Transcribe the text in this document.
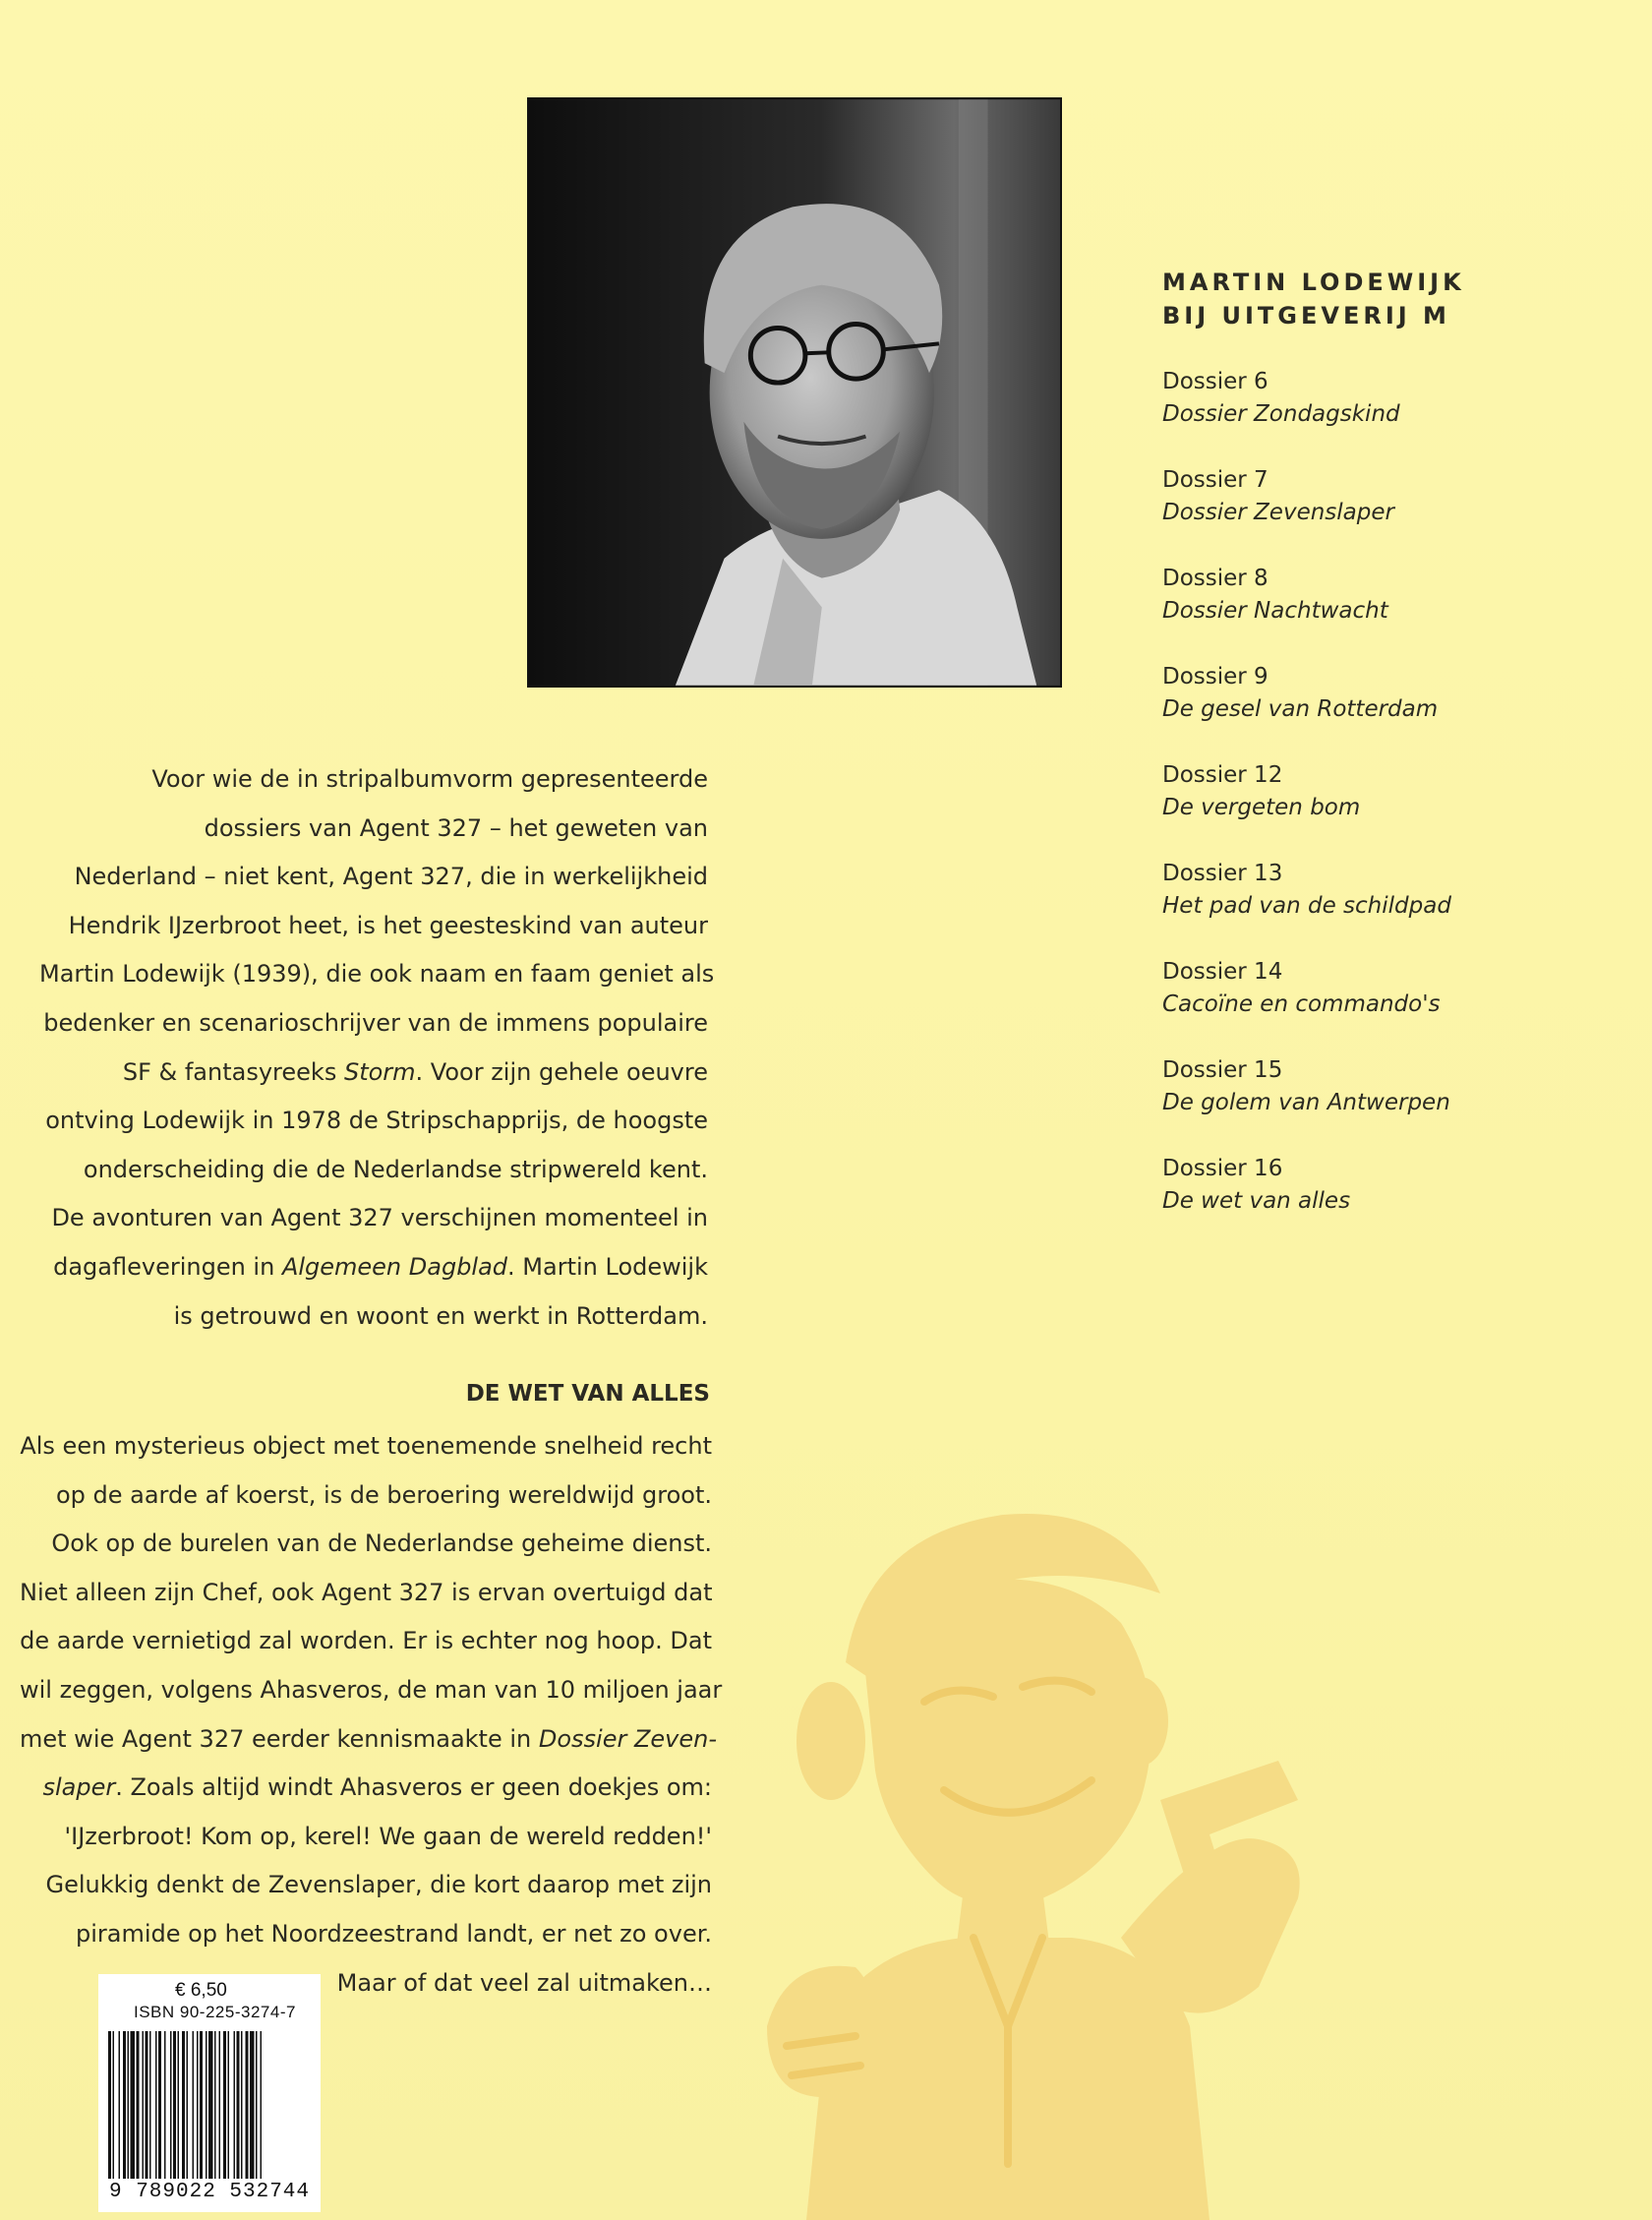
MARTIN LODEWIJK
BIJ UITGEVERIJ M
Dossier 6
Dossier Zondagskind
Dossier 7
Dossier Zevenslaper
Dossier 8
Dossier Nachtwacht
Dossier 9
De gesel van Rotterdam
Dossier 12
De vergeten bom
Dossier 13
Het pad van de schildpad
Dossier 14
Cacoïne en commando's
Dossier 15
De golem van Antwerpen
Dossier 16
De wet van alles
Voor wie de in stripalbumvorm gepresenteerde
dossiers van Agent 327 – het geweten van
Nederland – niet kent, Agent 327, die in werkelijkheid
Hendrik IJzerbroot heet, is het geesteskind van auteur
Martin Lodewijk (1939), die ook naam en faam geniet als
bedenker en scenarioschrijver van de immens populaire
SF & fantasyreeks Storm. Voor zijn gehele oeuvre
ontving Lodewijk in 1978 de Stripschapprijs, de hoogste
onderscheiding die de Nederlandse stripwereld kent.
De avonturen van Agent 327 verschijnen momenteel in
dagafleveringen in Algemeen Dagblad. Martin Lodewijk
is getrouwd en woont en werkt in Rotterdam.
DE WET VAN ALLES
Als een mysterieus object met toenemende snelheid recht
op de aarde af koerst, is de beroering wereldwijd groot.
Ook op de burelen van de Nederlandse geheime dienst.
Niet alleen zijn Chef, ook Agent 327 is ervan overtuigd dat
de aarde vernietigd zal worden. Er is echter nog hoop. Dat
wil zeggen, volgens Ahasveros, de man van 10 miljoen jaar
met wie Agent 327 eerder kennismaakte in Dossier Zeven-
slaper. Zoals altijd windt Ahasveros er geen doekjes om:
'IJzerbroot! Kom op, kerel! We gaan de wereld redden!'
Gelukkig denkt de Zevenslaper, die kort daarop met zijn
piramide op het Noordzeestrand landt, er net zo over.
Maar of dat veel zal uitmaken…
€ 6,50
ISBN 90-225-3274-7
9 789022 532744
